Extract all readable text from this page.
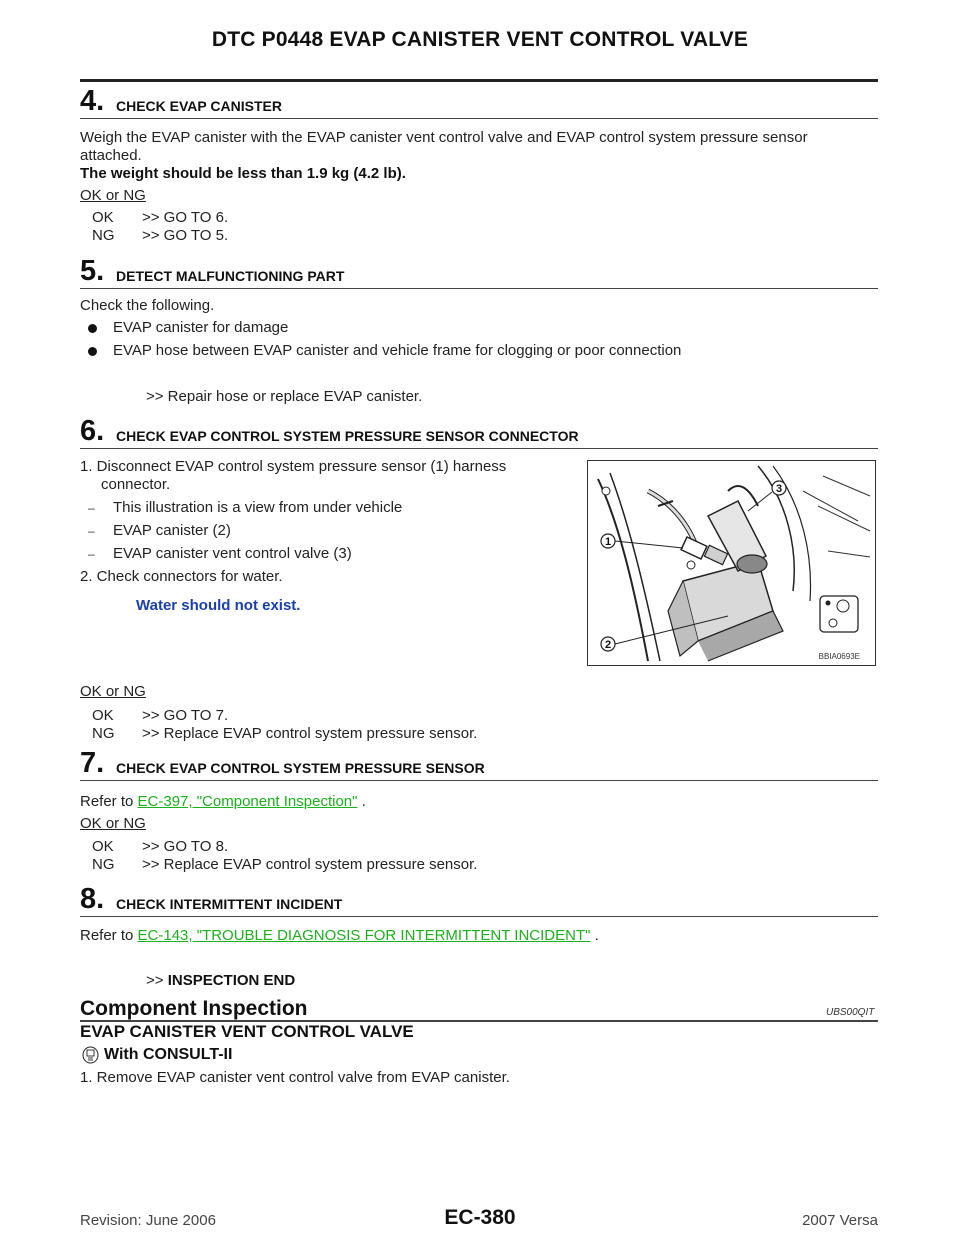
DTC P0448 EVAP CANISTER VENT CONTROL VALVE
4. CHECK EVAP CANISTER
Weigh the EVAP canister with the EVAP canister vent control valve and EVAP control system pressure sensor
attached.
The weight should be less than 1.9 kg (4.2 lb).
OK or NG
OK >> GO TO 6.
NG >> GO TO 5.
5. DETECT MALFUNCTIONING PART
Check the following.
EVAP canister for damage
EVAP hose between EVAP canister and vehicle frame for clogging or poor connection
>> Repair hose or replace EVAP canister.
6. CHECK EVAP CONTROL SYSTEM PRESSURE SENSOR CONNECTOR
1. Disconnect EVAP control system pressure sensor (1) harness
connector.
– This illustration is a view from under vehicle
– EVAP canister (2)
– EVAP canister vent control valve (3)
2. Check connectors for water.
Water should not exist.
1
2
3
BBIA0693E
OK or NG
OK >> GO TO 7.
NG >> Replace EVAP control system pressure sensor.
7. CHECK EVAP CONTROL SYSTEM PRESSURE SENSOR
Refer to EC-397, "Component Inspection" .
OK or NG
OK >> GO TO 8.
NG >> Replace EVAP control system pressure sensor.
8. CHECK INTERMITTENT INCIDENT
Refer to EC-143, "TROUBLE DIAGNOSIS FOR INTERMITTENT INCIDENT" .
>> INSPECTION END
Component Inspection	UBS00QIT
EVAP CANISTER VENT CONTROL VALVE
With CONSULT-II
1. Remove EVAP canister vent control valve from EVAP canister.
Revision: June 2006	EC-380	2007 Versa
